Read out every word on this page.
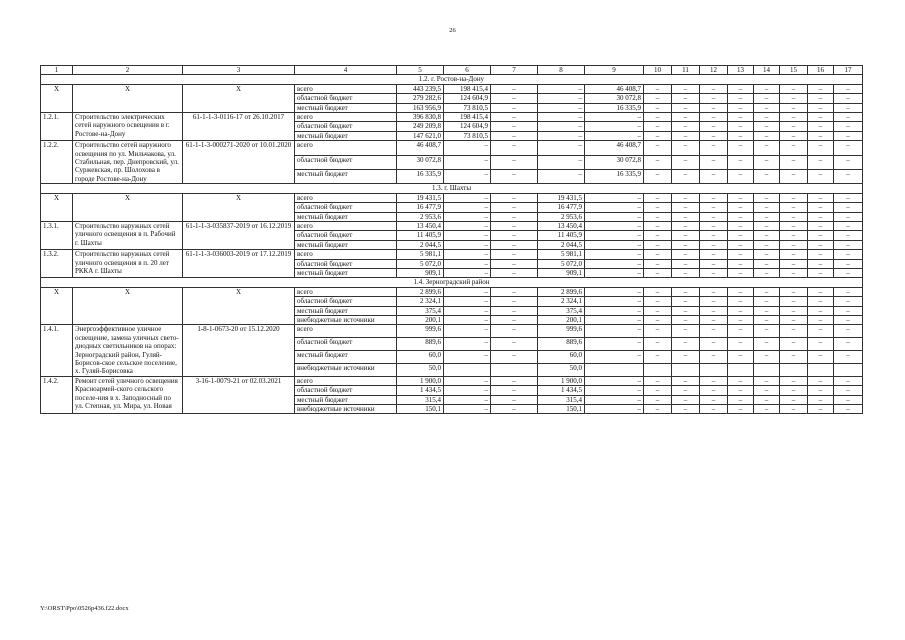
26
1	2	3	4	5	6	7	8	9	10	11	12	13	14	15	16	17
1.2. г. Ростов-на-Дону																
Х	Х	Х	всего	443 239,5	198 415,4	–	–	46 408,7	–	–	–	–	–	–	–	–
			областной бюджет	279 282,6	124 604,9	–	–	30 072,8	–	–	–	–	–	–	–	–
			местный бюджет	163 956,9	73 810,5	–	–	16 335,9	–	–	–	–	–	–	–	–
1.2.1.	Строительство электрических сетей наружного освещения в г. Ростове-на-Дону	61-1-1-3-0116-17 от 26.10.2017	всего	396 830,8	198 415,4	–	–	–	–	–	–	–	–	–	–	–
			областной бюджет	249 209,8	124 604,9	–	–	–	–	–	–	–	–	–	–	–
			местный бюджет	147 621,0	73 810,5	–	–	–	–	–	–	–	–	–	–	–
1.2.2.	Строительство сетей наружного освещения по ул. Мильчакова, ул. Стабильная, пер. Днепровский, ул. Суржевская, пр. Шолохова в городе Ростове-на-Дону	61-1-1-3-000271-2020 от 10.01.2020	всего	46 408,7	–	–	–	46 408,7	–	–	–	–	–	–	–	–
			областной бюджет	30 072,8	–	–	–	30 072,8	–	–	–	–	–	–	–	–
			местный бюджет	16 335,9	–	–	–	16 335,9	–	–	–	–	–	–	–	–
1.3. г. Шахты																
Х	Х	Х	всего	19 431,5	–	–	19 431,5	–	–	–	–	–	–	–	–	–
			областной бюджет	16 477,9	–	–	16 477,9	–	–	–	–	–	–	–	–	–
			местный бюджет	2 953,6	–	–	2 953,6	–	–	–	–	–	–	–	–	–
1.3.1.	Строительство наружных сетей уличного освещения в п. Рабочий г. Шахты	61-1-1-3-035837-2019 от 16.12.2019	всего	13 450,4	–	–	13 450,4	–	–	–	–	–	–	–	–	–
			областной бюджет	11 405,9	–	–	11 405,9	–	–	–	–	–	–	–	–	–
			местный бюджет	2 044,5	–	–	2 044,5	–	–	–	–	–	–	–	–	–
1.3.2.	Строительство наружных сетей уличного освещения в п. 20 лет РККА г. Шахты	61-1-1-3-036003-2019 от 17.12.2019	всего	5 981,1	–	–	5 981,1	–	–	–	–	–	–	–	–	–
			областной бюджет	5 072,0	–	–	5 072,0	–	–	–	–	–	–	–	–	–
			местный бюджет	909,1	–	–	909,1	–	–	–	–	–	–	–	–	–
1.4. Зерноградский район																
Х	Х	Х	всего	2 899,6	–	–	2 899,6	–	–	–	–	–	–	–	–	–
			областной бюджет	2 324,1	–	–	2 324,1	–	–	–	–	–	–	–	–	–
			местный бюджет	375,4	–	–	375,4	–	–	–	–	–	–	–	–	–
			внебюджетные источники	200,1	–	–	200,1	–	–	–	–	–	–	–	–	–
1.4.1.	Энергоэффективное уличное освещение, замена уличных свето-диодных светильников на опорах: Зерноградский район, Гуляй-Борисов-ское сельское поселение, х. Гуляй-Борисовка	1-8-1-0673-20 от 15.12.2020	всего	999,6	–	–	999,6	–	–	–	–	–	–	–	–	–
			областной бюджет	889,6	–	–	889,6	–	–	–	–	–	–	–	–	–
			местный бюджет	60,0	–	–	60,0	–	–	–	–	–	–	–	–	–
			внебюджетные источники	50,0			50,0									
1.4.2.	Ремонт сетей уличного освещения Красноармей-ского сельского поселе-ния в х. Заподносный по ул. Степная, ул. Мира, ул. Новая	3-16-1-0079-21 от 02.03.2021	всего	1 900,0	–	–	1 900,0	–	–	–	–	–	–	–	–	–
			областной бюджет	1 434,5	–	–	1 434,5	–	–	–	–	–	–	–	–	–
			местный бюджет	315,4	–	–	315,4	–	–	–	–	–	–	–	–	–
			внебюджетные источники	150,1	–	–	150,1	–	–	–	–	–	–	–	–	–
Y:\ORST\Ppo\0526p436.f22.docx
